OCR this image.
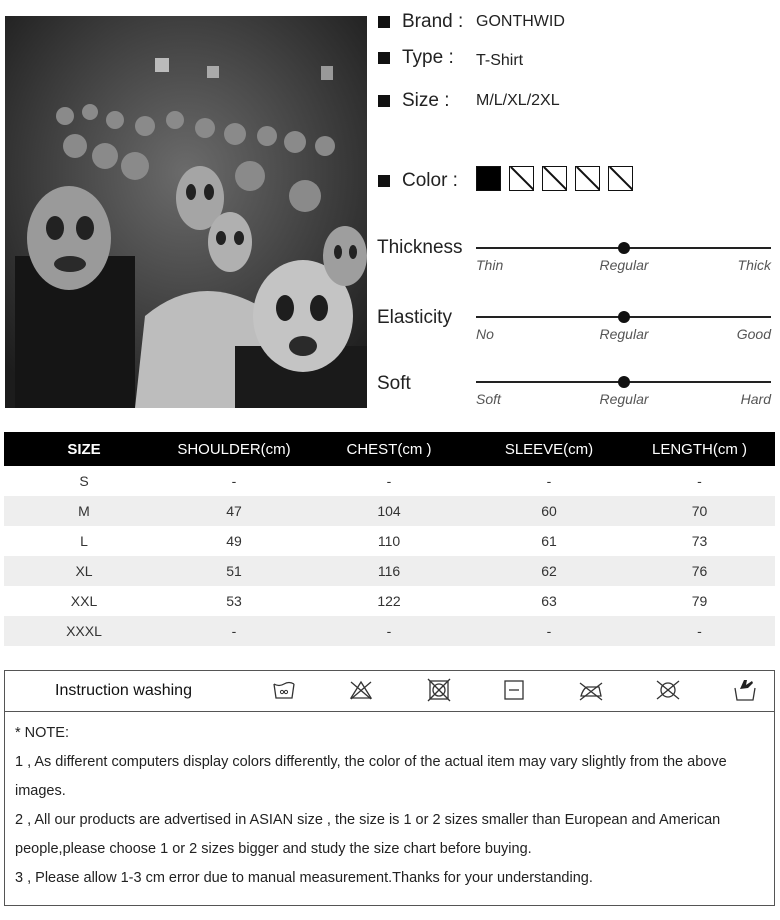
Brand : GONTHWID
Type :	T-Shirt
Size :	M/L/XL/2XL
Color :
Thickness
Thin	Regular	Thick
Elasticity
No	Regular	Good
Soft
Soft	Regular	Hard
SIZE	SHOULDER(cm)	CHEST(cm )	SLEEVE(cm)	LENGTH(cm )
S	-	-	-	-
M	47	104	60	70
L	49	110	61	73
XL	51	116	62	76
XXL	53	122	63	79
XXXL	-	-	-	-
Instruction washing
* NOTE:
1 , As different computers display colors differently, the color of the actual item may vary slightly from the above
images.
2 , All our products are advertised in ASIAN size , the size is 1 or 2 sizes smaller than European and American
people,please choose 1 or 2 sizes bigger and study the size chart before buying.
3 , Please allow 1-3 cm error due to manual measurement.Thanks for your understanding.
